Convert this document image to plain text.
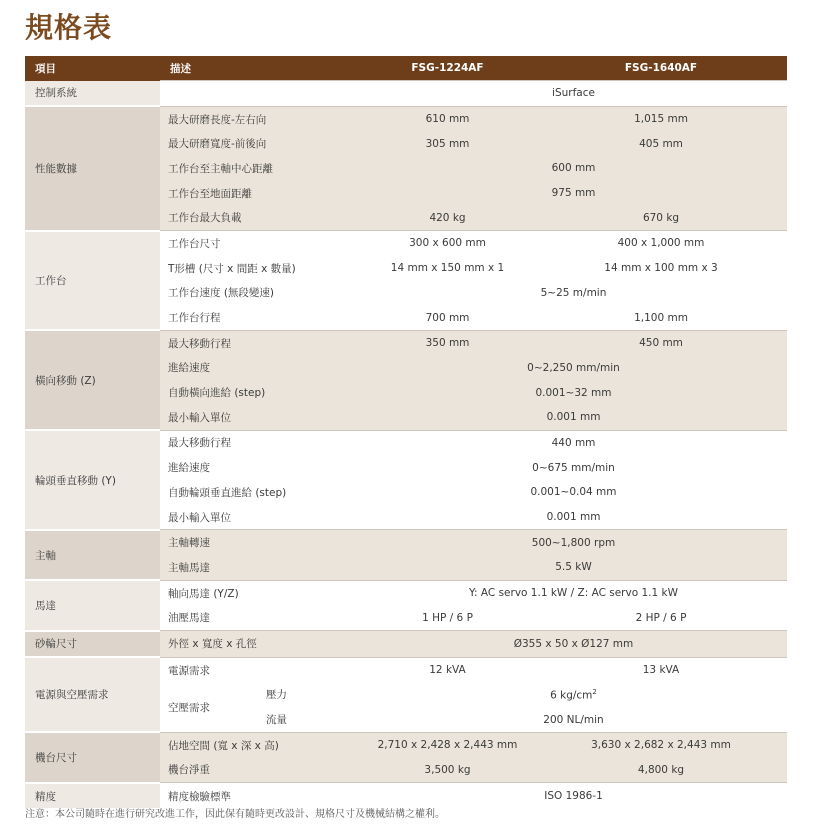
規格表
項目	描述		FSG-1224AF	FSG-1640AF
控制系統			iSurface	
性能數據	最大研磨長度-左右向		610 mm	1,015 mm
	最大研磨寬度-前後向		305 mm	405 mm
	工作台至主軸中心距離		600 mm	
	工作台至地面距離		975 mm	
	工作台最大負載		420 kg	670 kg
工作台	工作台尺寸		300 x 600 mm	400 x 1,000 mm
	T形槽 (尺寸 x 間距 x 數量)		14 mm x 150 mm x 1	14 mm x 100 mm x 3
	工作台速度 (無段變速)		5~25 m/min	
	工作台行程		700 mm	1,100 mm
橫向移動 (Z)	最大移動行程		350 mm	450 mm
	進給速度		0~2,250 mm/min	
	自動橫向進給 (step)		0.001~32 mm	
	最小輸入單位		0.001 mm	
輪頭垂直移動 (Y)	最大移動行程		440 mm	
	進給速度		0~675 mm/min	
	自動輪頭垂直進給 (step)		0.001~0.04 mm	
	最小輸入單位		0.001 mm	
主軸	主軸轉速		500~1,800 rpm	
	主軸馬達		5.5 kW	
馬達	軸向馬達 (Y/Z)		Y: AC servo 1.1 kW / Z: AC servo 1.1 kW	
	油壓馬達		1 HP / 6 P	2 HP / 6 P
砂輪尺寸	外徑 x 寬度 x 孔徑		Ø355 x 50 x Ø127 mm	
電源與空壓需求	電源需求		12 kVA	13 kVA
	空壓需求	壓力	6 $kg/cm^2$
		流量	200 NL/min	
機台尺寸	佔地空間 (寬 x 深 x 高)		2,710 x 2,428 x 2,443 mm	3,630 x 2,682 x 2,443 mm
	機台淨重		3,500 kg	4,800 kg
精度	精度檢驗標準		ISO 1986-1	
注意：本公司隨時在進行研究改進工作，因此保有隨時更改設計、規格尺寸及機械結構之權利。
